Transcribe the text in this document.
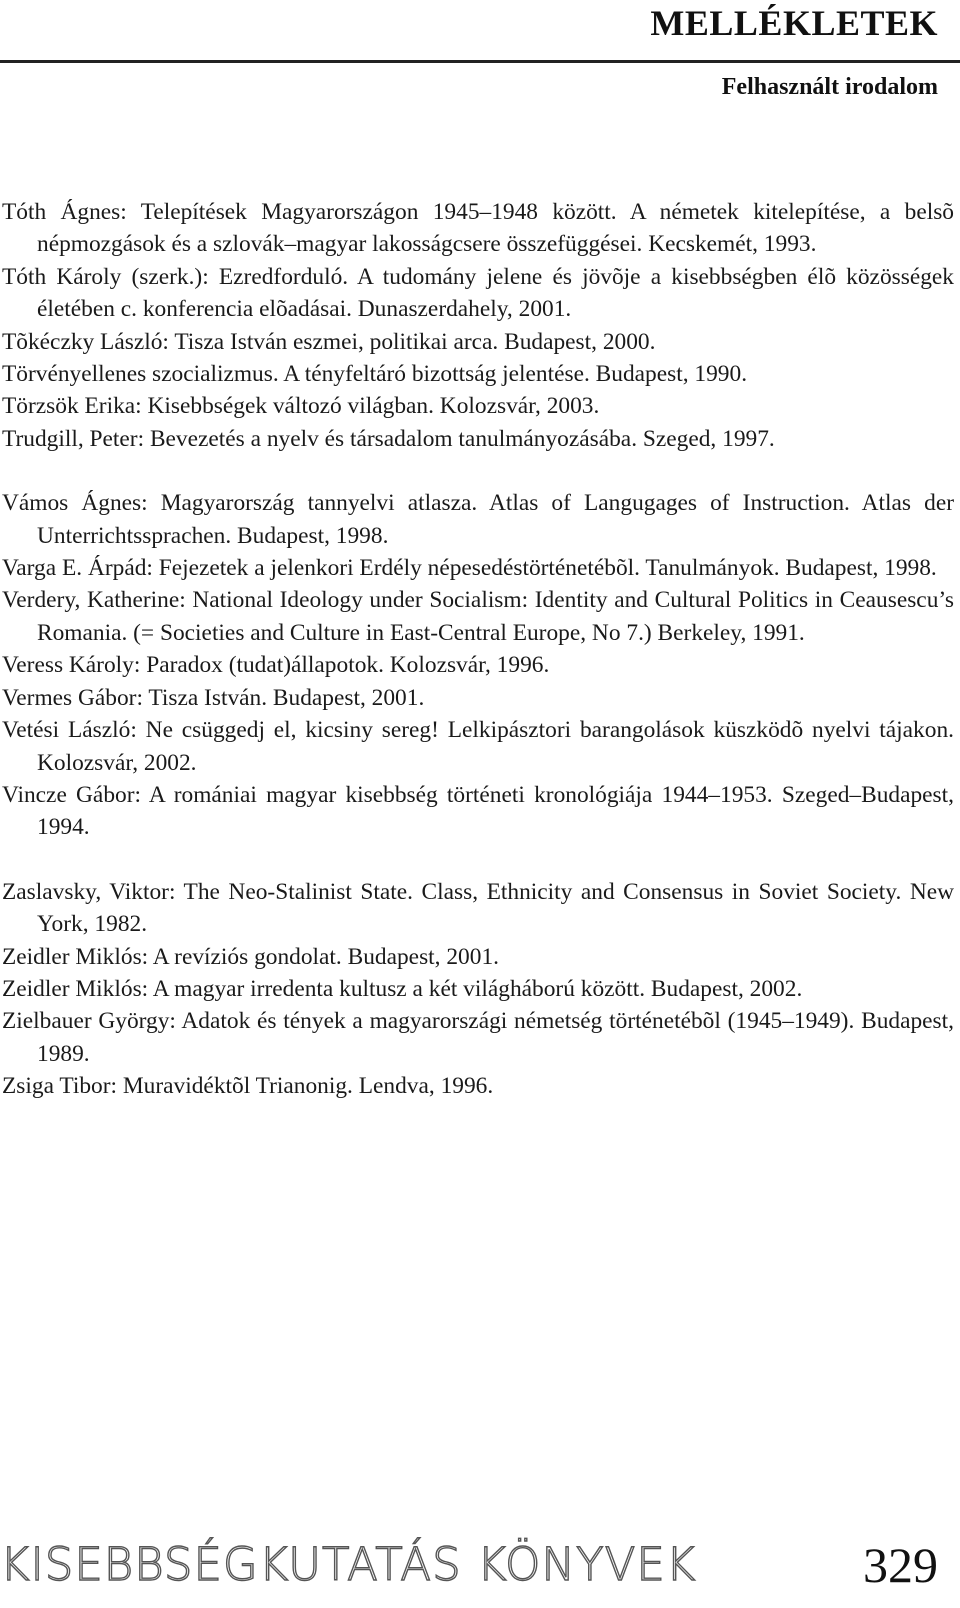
MELLÉKLETEK
Felhasznált irodalom

Tóth Ágnes: Telepítések Magyarországon 1945–1948 között. A németek kitelepítése, a belsõ népmozgások és a szlovák–magyar lakosságcsere összefüggései. Kecskemét, 1993.

Tóth Károly (szerk.): Ezredforduló. A tudomány jelene és jövõje a kisebbségben élõ közösségek életében c. konferencia elõadásai. Dunaszerdahely, 2001.

Tõkéczky László: Tisza István eszmei, politikai arca. Budapest, 2000.

Törvényellenes szocializmus. A tényfeltáró bizottság jelentése. Budapest, 1990.

Törzsök Erika: Kisebbségek változó világban. Kolozsvár, 2003.

Trudgill, Peter: Bevezetés a nyelv és társadalom tanulmányozásába. Szeged, 1997.

Vámos Ágnes: Magyarország tannyelvi atlasza. Atlas of Langugages of Instruction. Atlas der Unterrichtssprachen. Budapest, 1998.

Varga E. Árpád: Fejezetek a jelenkori Erdély népesedéstörténetébõl. Tanulmányok. Budapest, 1998.

Verdery, Katherine: National Ideology under Socialism: Identity and Cultural Politics in Ceausescu’s Romania. (= Societies and Culture in East-Central Europe, No 7.) Berkeley, 1991.

Veress Károly: Paradox (tudat)állapotok. Kolozsvár, 1996.

Vermes Gábor: Tisza István. Budapest, 2001.

Vetési László: Ne csüggedj el, kicsiny sereg! Lelkipásztori barangolások küszködõ nyelvi tájakon. Kolozsvár, 2002.

Vincze Gábor: A romániai magyar kisebbség történeti kronológiája 1944–1953. Szeged–Budapest, 1994.

Zaslavsky, Viktor: The Neo-Stalinist State. Class, Ethnicity and Consensus in Soviet Society. New York, 1982.

Zeidler Miklós: A revíziós gondolat. Budapest, 2001.

Zeidler Miklós: A magyar irredenta kultusz a két világháború között. Budapest, 2002.

Zielbauer György: Adatok és tények a magyarországi németség történetébõl (1945–1949). Budapest, 1989.

Zsiga Tibor: Muravidéktõl Trianonig. Lendva, 1996.

KISEBBSÉGKUTATÁS KÖNYVEK	329
